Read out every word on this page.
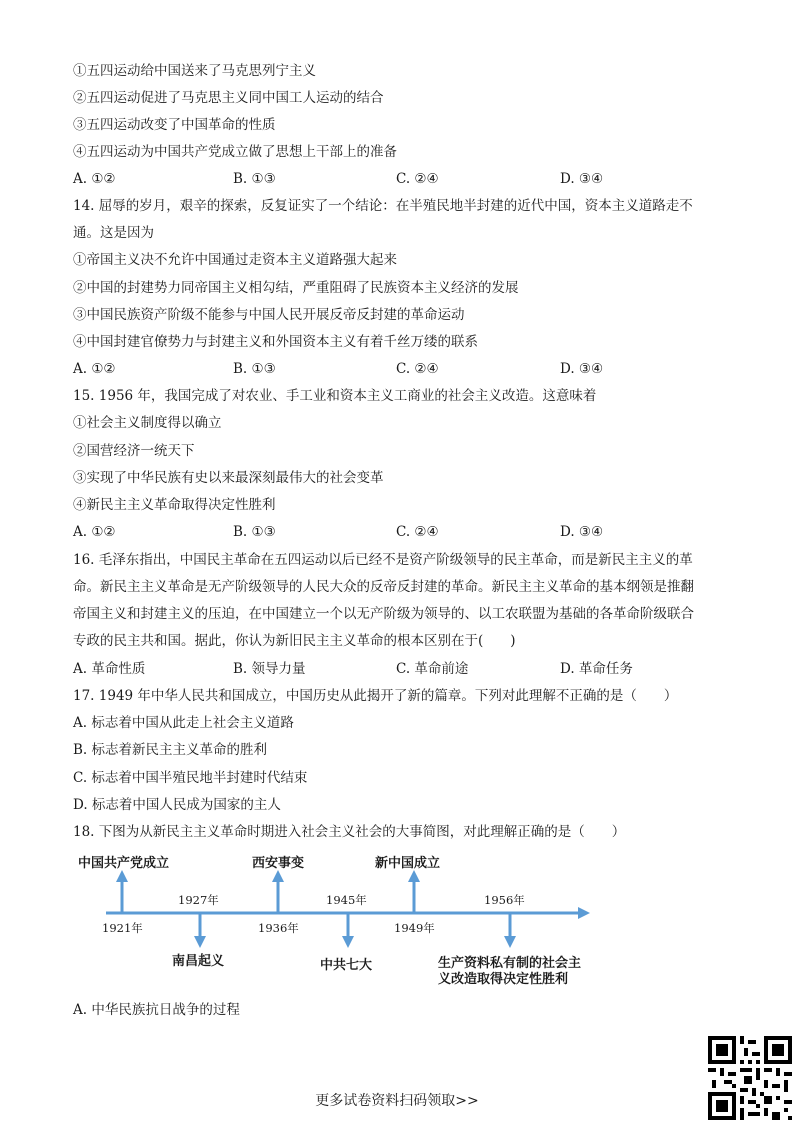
①五四运动给中国送来了马克思列宁主义
②五四运动促进了马克思主义同中国工人运动的结合
③五四运动改变了中国革命的性质
④五四运动为中国共产党成立做了思想上干部上的准备
A. ①②	B. ①③	C. ②④	D. ③④
14. 屈辱的岁月，艰辛的探索，反复证实了一个结论：在半殖民地半封建的近代中国，资本主义道路走不
通。这是因为
①帝国主义决不允许中国通过走资本主义道路强大起来
②中国的封建势力同帝国主义相勾结，严重阻碍了民族资本主义经济的发展
③中国民族资产阶级不能参与中国人民开展反帝反封建的革命运动
④中国封建官僚势力与封建主义和外国资本主义有着千丝万缕的联系
A. ①②	B. ①③	C. ②④	D. ③④
15. 1956 年，我国完成了对农业、手工业和资本主义工商业的社会主义改造。这意味着
①社会主义制度得以确立
②国营经济一统天下
③实现了中华民族有史以来最深刻最伟大的社会变革
④新民主主义革命取得决定性胜利
A. ①②	B. ①③	C. ②④	D. ③④
16. 毛泽东指出，中国民主革命在五四运动以后已经不是资产阶级领导的民主革命，而是新民主主义的革
命。新民主主义革命是无产阶级领导的人民大众的反帝反封建的革命。新民主主义革命的基本纲领是推翻
帝国主义和封建主义的压迫，在中国建立一个以无产阶级为领导的、以工农联盟为基础的各革命阶级联合
专政的民主共和国。据此，你认为新旧民主主义革命的根本区别在于(　　)
A. 革命性质	B. 领导力量	C. 革命前途	D. 革命任务
17. 1949 年中华人民共和国成立，中国历史从此揭开了新的篇章。下列对此理解不正确的是（　　）
A. 标志着中国从此走上社会主义道路
B. 标志着新民主主义革命的胜利
C. 标志着中国半殖民地半封建时代结束
D. 标志着中国人民成为国家的主人
18. 下图为从新民主主义革命时期进入社会主义社会的大事简图，对此理解正确的是（　　）
中国共产党成立	西安事变	新中国成立
1921年	1936年	1949年
1927年	1945年	1956年
南昌起义	中共七大	生产资料私有制的社会主
义改造取得决定性胜利
A. 中华民族抗日战争的过程
更多试卷资料扫码领取>>
